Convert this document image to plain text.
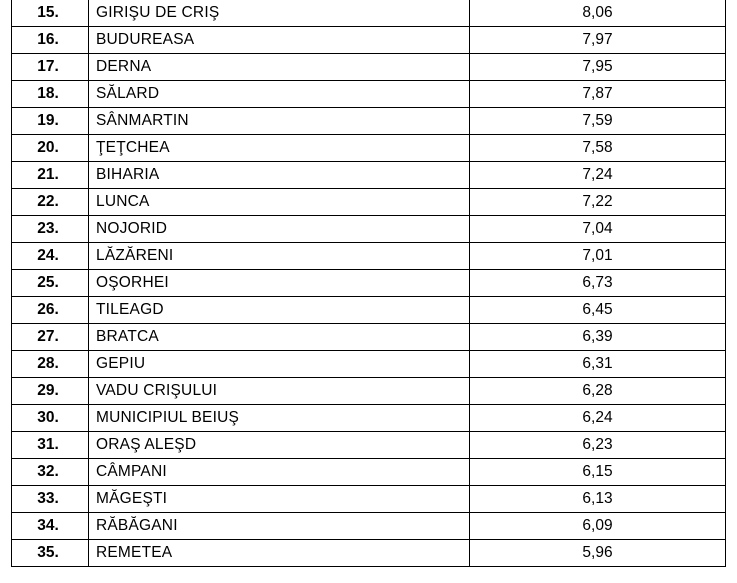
15.	GIRIŞU DE CRIŞ	8,06
16.	BUDUREASA	7,97
17.	DERNA	7,95
18.	SĂLARD	7,87
19.	SÂNMARTIN	7,59
20.	ŢEŢCHEA	7,58
21.	BIHARIA	7,24
22.	LUNCA	7,22
23.	NOJORID	7,04
24.	LĂZĂRENI	7,01
25.	OŞORHEI	6,73
26.	TILEAGD	6,45
27.	BRATCA	6,39
28.	GEPIU	6,31
29.	VADU CRIŞULUI	6,28
30.	MUNICIPIUL BEIUŞ	6,24
31.	ORAŞ ALEŞD	6,23
32.	CÂMPANI	6,15
33.	MĂGEŞTI	6,13
34.	RĂBĂGANI	6,09
35.	REMETEA	5,96
